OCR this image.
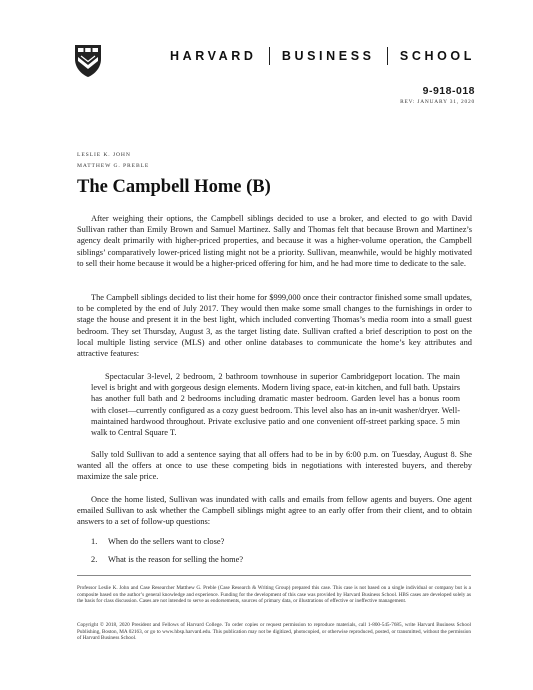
HARVARD BUSINESS SCHOOL
9-918-018
REV: JANUARY 31, 2020
LESLIE K. JOHN
MATTHEW G. PREBLE
The Campbell Home (B)

After weighing their options, the Campbell siblings decided to use a broker, and elected to go with David Sullivan rather than Emily Brown and Samuel Martinez. Sally and Thomas felt that because Brown and Martinez’s agency dealt primarily with higher-priced properties, and because it was a higher-volume operation, the Campbell siblings’ comparatively lower-priced listing might not be a priority. Sullivan, meanwhile, would be highly motivated to sell their home because it would be a higher-priced offering for him, and he had more time to dedicate to the sale.

The Campbell siblings decided to list their home for $999,000 once their contractor finished some small updates, to be completed by the end of July 2017. They would then make some small changes to the furnishings in order to stage the house and present it in the best light, which included converting Thomas’s media room into a small guest bedroom. They set Thursday, August 3, as the target listing date. Sullivan crafted a brief description to post on the local multiple listing service (MLS) and other online databases to communicate the home’s key attributes and attractive features:

Spectacular 3-level, 2 bedroom, 2 bathroom townhouse in superior Cambridgeport location. The main level is bright and with gorgeous design elements. Modern living space, eat-in kitchen, and full bath. Upstairs has another full bath and 2 bedrooms including dramatic master bedroom. Garden level has a bonus room with closet—currently configured as a cozy guest bedroom. This level also has an in-unit washer/dryer. Well-maintained hardwood throughout. Private exclusive patio and one convenient off-street parking space. 5 min walk to Central Square T.

Sally told Sullivan to add a sentence saying that all offers had to be in by 6:00 p.m. on Tuesday, August 8. She wanted all the offers at once to use these competing bids in negotiations with interested buyers, and thereby maximize the sale price.

Once the home listed, Sullivan was inundated with calls and emails from fellow agents and buyers. One agent emailed Sullivan to ask whether the Campbell siblings might agree to an early offer from their client, and to obtain answers to a set of follow-up questions:

1. When do the sellers want to close?
2. What is the reason for selling the home?

Professor Leslie K. John and Case Researcher Matthew G. Preble (Case Research & Writing Group) prepared this case. This case is not based on a single individual or company but is a composite based on the author’s general knowledge and experience. Funding for the development of this case was provided by Harvard Business School. HBS cases are developed solely as the basis for class discussion. Cases are not intended to serve as endorsements, sources of primary data, or illustrations of effective or ineffective management.

Copyright © 2018, 2020 President and Fellows of Harvard College. To order copies or request permission to reproduce materials, call 1-800-545-7685, write Harvard Business School Publishing, Boston, MA 02163, or go to www.hbsp.harvard.edu. This publication may not be digitized, photocopied, or otherwise reproduced, posted, or transmitted, without the permission of Harvard Business School.
